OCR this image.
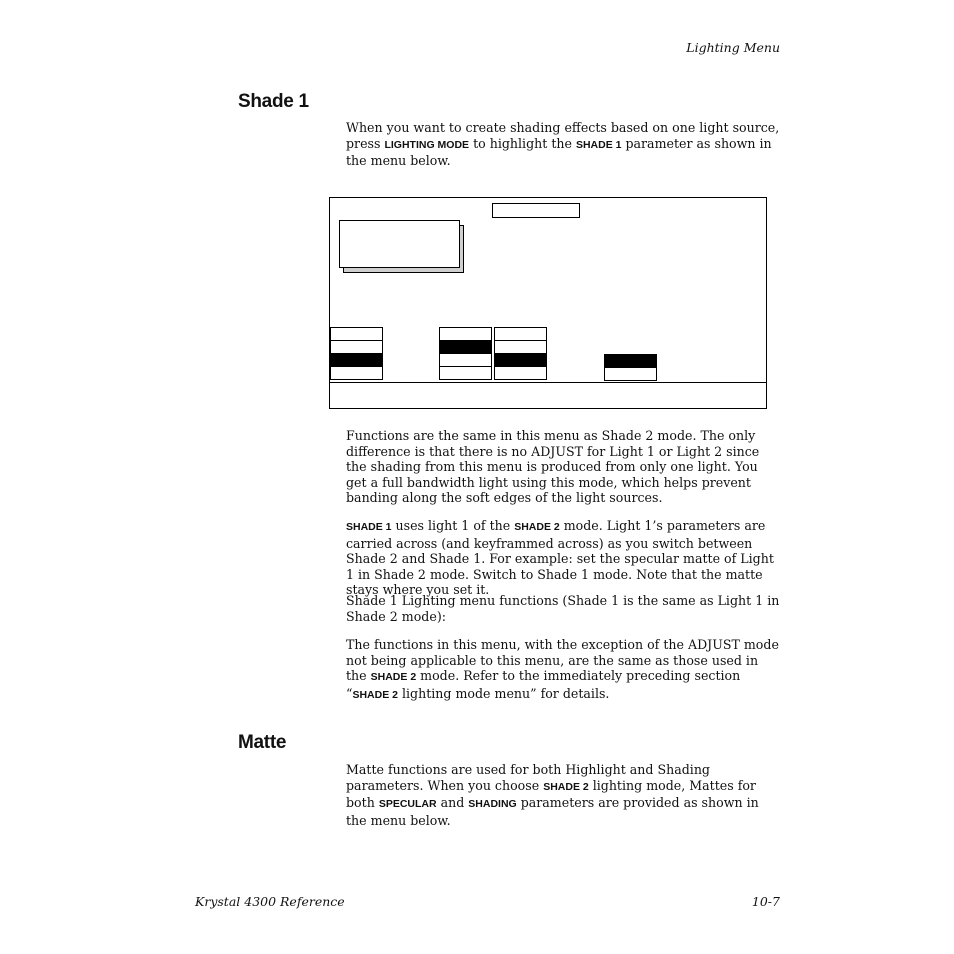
Lighting Menu
Shade 1

When you want to create shading effects based on one light source, press LIGHTING MODE to highlight the SHADE 1 parameter as shown in the menu below.

Functions are the same in this menu as Shade 2 mode. The only difference is that there is no ADJUST for Light 1 or Light 2 since the shading from this menu is produced from only one light. You get a full bandwidth light using this mode, which helps prevent banding along the soft edges of the light sources.

SHADE 1 uses light 1 of the SHADE 2 mode. Light 1’s parameters are carried across (and keyframmed across) as you switch between Shade 2 and Shade 1. For example: set the specular matte of Light 1 in Shade 2 mode. Switch to Shade 1 mode. Note that the matte stays where you set it.

Shade 1 Lighting menu functions (Shade 1 is the same as Light 1 in Shade 2 mode):

The functions in this menu, with the exception of the ADJUST mode not being applicable to this menu, are the same as those used in the SHADE 2 mode. Refer to the immediately preceding section “SHADE 2 lighting mode menu” for details.

Matte

Matte functions are used for both Highlight and Shading parameters. When you choose SHADE 2 lighting mode, Mattes for both SPECULAR and SHADING parameters are provided as shown in the menu below.

Krystal 4300 Reference	10-7
